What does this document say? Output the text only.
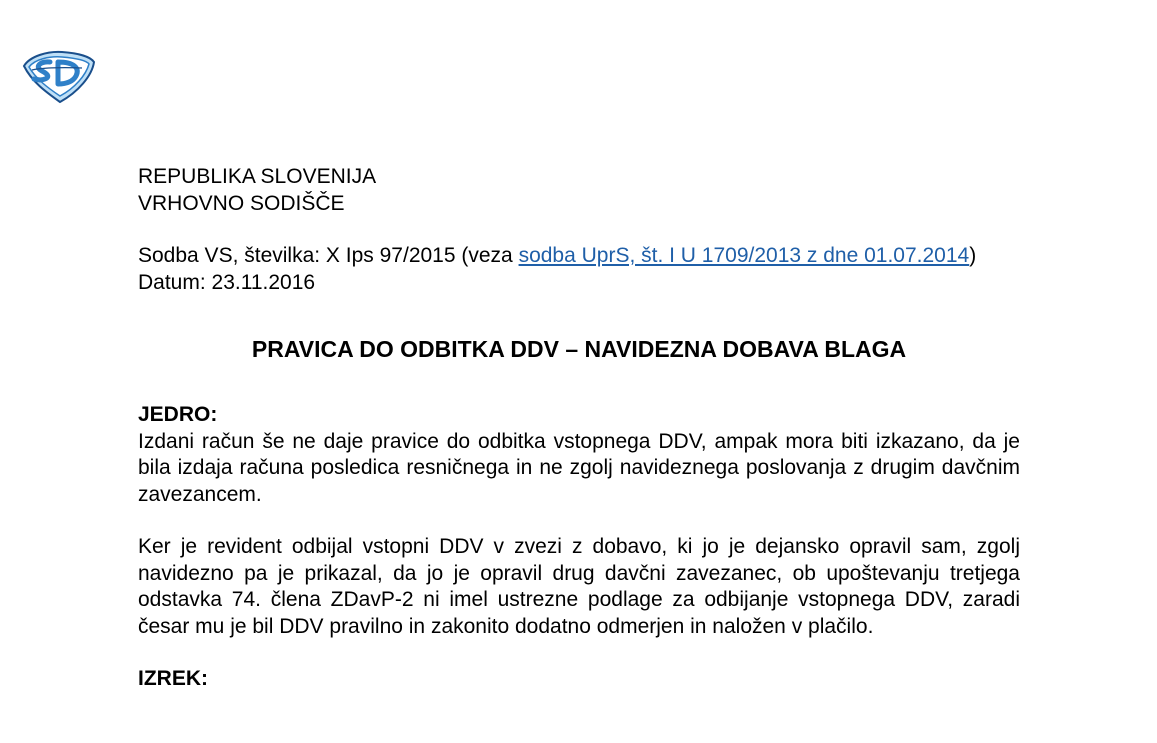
REPUBLIKA SLOVENIJA
VRHOVNO SODIŠČE

Sodba VS, številka: X Ips 97/2015 (veza sodba UprS, št. I U 1709/2013 z dne 01.07.2014)

Datum: 23.11.2016

PRAVICA DO ODBITKA DDV – NAVIDEZNA DOBAVA BLAGA
JEDRO:

Izdani račun še ne daje pravice do odbitka vstopnega DDV, ampak mora biti izkazano, da je bila izdaja računa posledica resničnega in ne zgolj navideznega poslovanja z drugim davčnim zavezancem.

Ker je revident odbijal vstopni DDV v zvezi z dobavo, ki jo je dejansko opravil sam, zgolj navidezno pa je prikazal, da jo je opravil drug davčni zavezanec, ob upoštevanju tretjega odstavka 74. člena ZDavP-2 ni imel ustrezne podlage za odbijanje vstopnega DDV, zaradi česar mu je bil DDV pravilno in zakonito dodatno odmerjen in naložen v plačilo.

IZREK:
